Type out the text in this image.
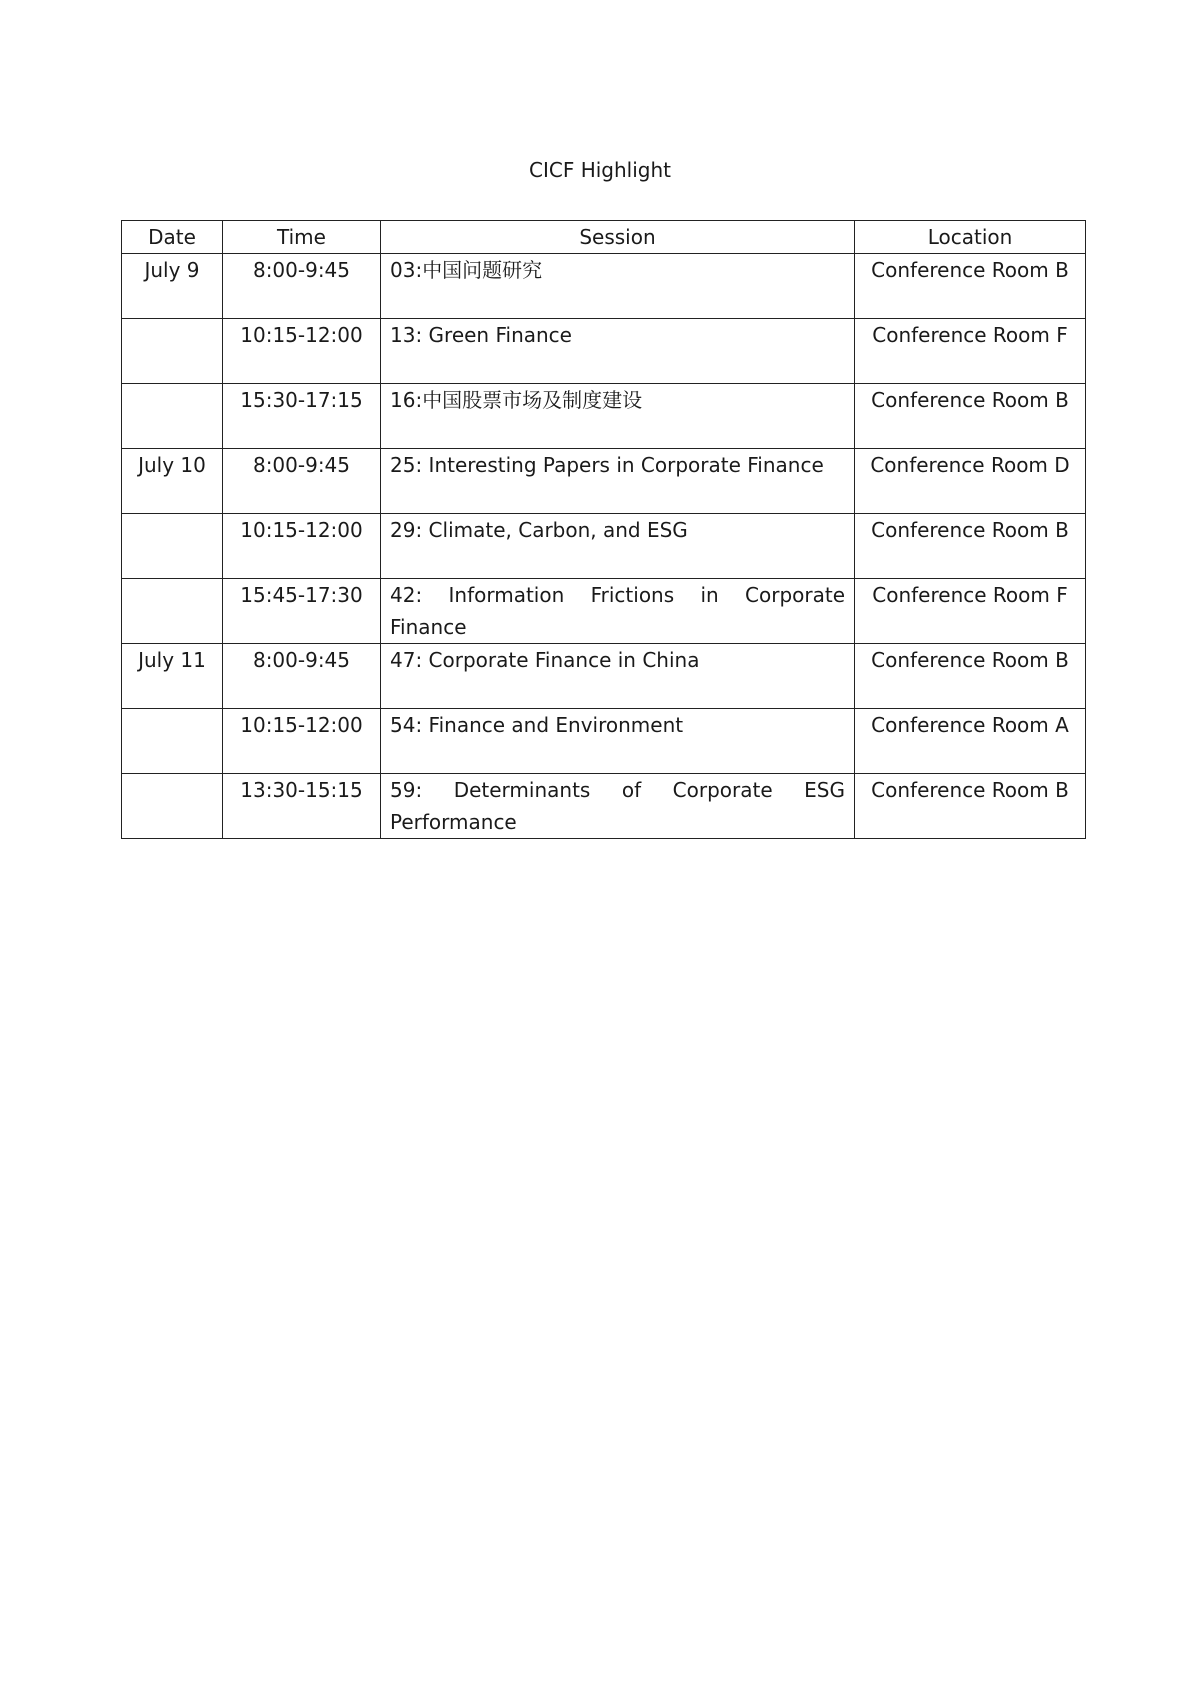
CICF Highlight
Date	Time	Session	Location
July 9	8:00-9:45	03:中国问题研究	Conference Room B
	10:15-12:00	13: Green Finance	Conference Room F
	15:30-17:15	16:中国股票市场及制度建设	Conference Room B
July 10	8:00-9:45	25: Interesting Papers in Corporate Finance	Conference Room D
	10:15-12:00	29: Climate, Carbon, and ESG	Conference Room B
	15:45-17:30	42: Information Frictions in Corporate Finance	Conference Room F
July 11	8:00-9:45	47: Corporate Finance in China	Conference Room B
	10:15-12:00	54: Finance and Environment	Conference Room A
	13:30-15:15	59: Determinants of Corporate ESG Performance	Conference Room B
